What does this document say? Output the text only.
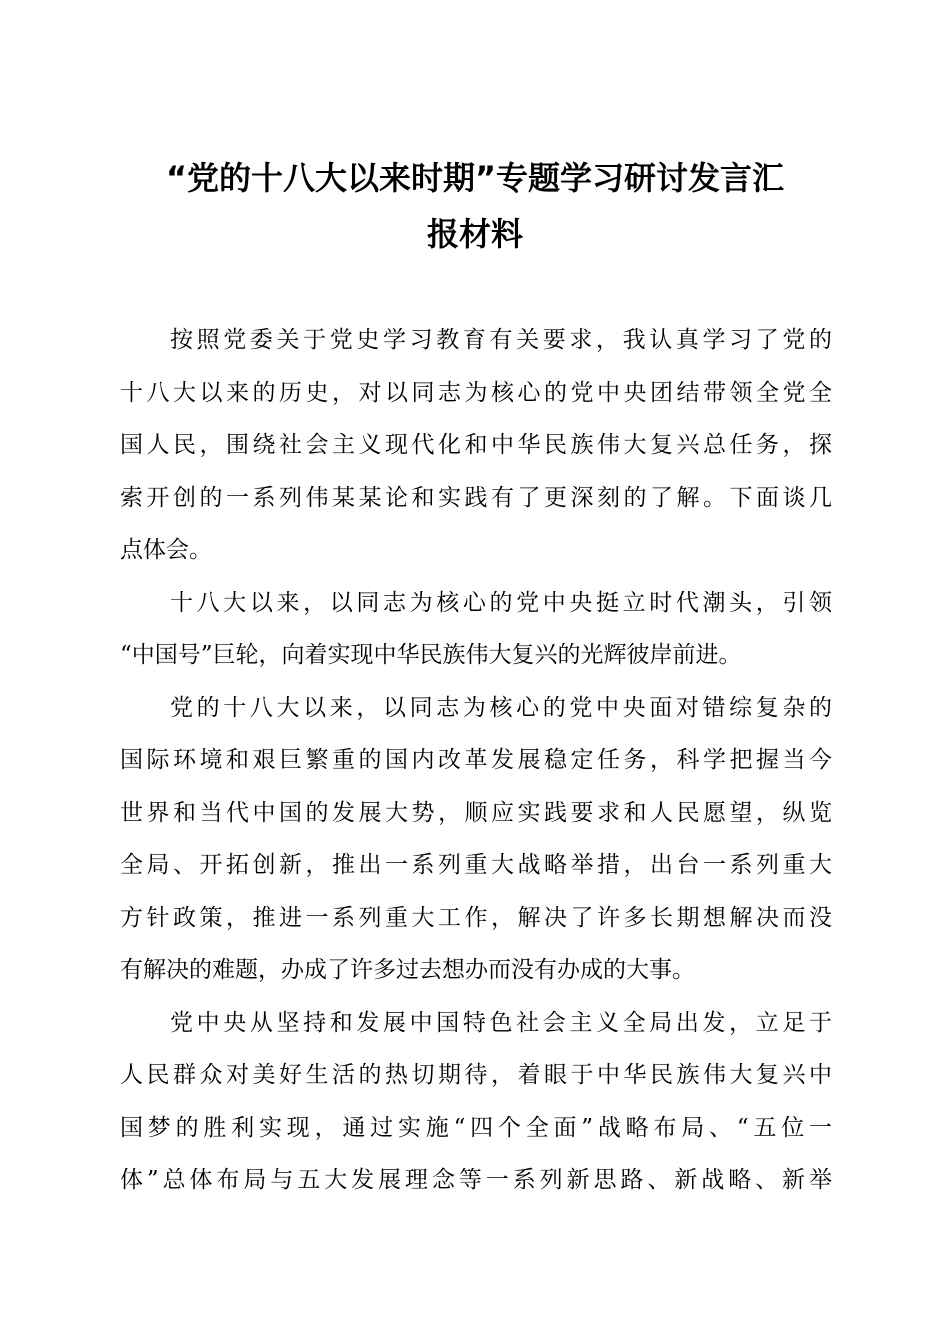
“党的十八大以来时期”专题学习研讨发言汇
报材料
按照党委关于党史学习教育有关要求，我认真学习了党的
十八大以来的历史，对以同志为核心的党中央团结带领全党全
国人民，围绕社会主义现代化和中华民族伟大复兴总任务，探
索开创的一系列伟某某论和实践有了更深刻的了解。下面谈几
点体会。
十八大以来，以同志为核心的党中央挺立时代潮头，引领
“中国号”巨轮，向着实现中华民族伟大复兴的光辉彼岸前进。
党的十八大以来，以同志为核心的党中央面对错综复杂的
国际环境和艰巨繁重的国内改革发展稳定任务，科学把握当今
世界和当代中国的发展大势，顺应实践要求和人民愿望，纵览
全局、开拓创新，推出一系列重大战略举措，出台一系列重大
方针政策，推进一系列重大工作，解决了许多长期想解决而没
有解决的难题，办成了许多过去想办而没有办成的大事。
党中央从坚持和发展中国特色社会主义全局出发，立足于
人民群众对美好生活的热切期待，着眼于中华民族伟大复兴中
国梦的胜利实现，通过实施“四个全面”战略布局、“五位一
体”总体布局与五大发展理念等一系列新思路、新战略、新举
